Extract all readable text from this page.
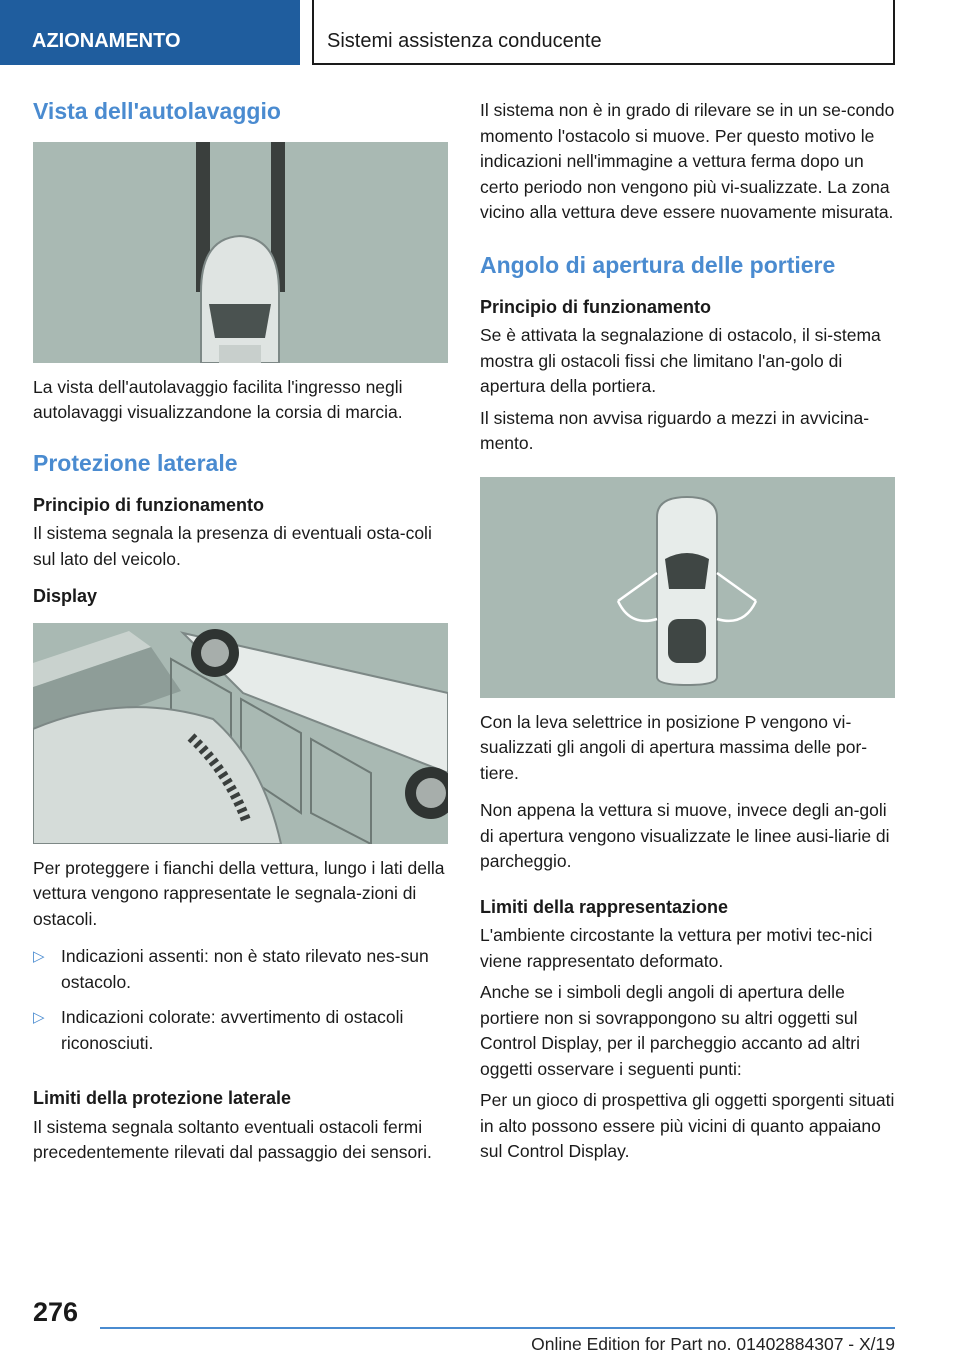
AZIONAMENTO	Sistemi assistenza conducente
Vista dell'autolavaggio

La vista dell'autolavaggio facilita l'ingresso negli autolavaggi visualizzandone la corsia di marcia.

Protezione laterale
Principio di funzionamento

Il sistema segnala la presenza di eventuali osta-coli sul lato del veicolo.

Display

Per proteggere i fianchi della vettura, lungo i lati della vettura vengono rappresentate le segnala-zioni di ostacoli.

▷ Indicazioni assenti: non è stato rilevato nes-sun ostacolo.
▷ Indicazioni colorate: avvertimento di ostacoli riconosciuti.
Limiti della protezione laterale

Il sistema segnala soltanto eventuali ostacoli fermi precedentemente rilevati dal passaggio dei sensori.

Il sistema non è in grado di rilevare se in un se-condo momento l'ostacolo si muove. Per questo motivo le indicazioni nell'immagine a vettura ferma dopo un certo periodo non vengono più vi-sualizzate. La zona vicino alla vettura deve essere nuovamente misurata.

Angolo di apertura delle portiere
Principio di funzionamento

Se è attivata la segnalazione di ostacolo, il si-stema mostra gli ostacoli fissi che limitano l'an-golo di apertura della portiera.

Il sistema non avvisa riguardo a mezzi in avvicina-mento.

Con la leva selettrice in posizione P vengono vi-sualizzati gli angoli di apertura massima delle por-tiere.

Non appena la vettura si muove, invece degli an-goli di apertura vengono visualizzate le linee ausi-liarie di parcheggio.

Limiti della rappresentazione

L'ambiente circostante la vettura per motivi tec-nici viene rappresentato deformato.

Anche se i simboli degli angoli di apertura delle portiere non si sovrappongono su altri oggetti sul Control Display, per il parcheggio accanto ad altri oggetti osservare i seguenti punti:

Per un gioco di prospettiva gli oggetti sporgenti situati in alto possono essere più vicini di quanto appaiano sul Control Display.

276
Online Edition for Part no. 01402884307 - X/19
